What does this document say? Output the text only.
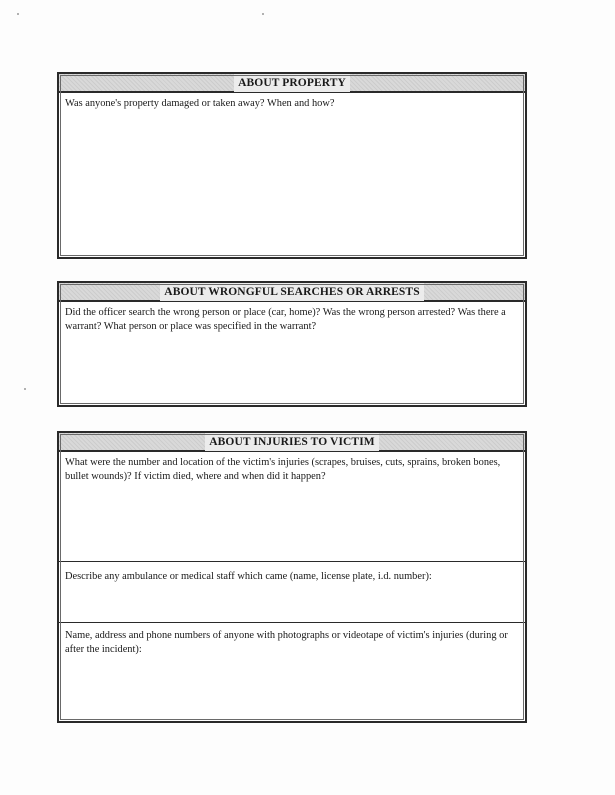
ABOUT PROPERTY

Was anyone's property damaged or taken away? When and how?

ABOUT WRONGFUL SEARCHES OR ARRESTS

Did the officer search the wrong person or place (car, home)? Was the wrong person arrested? Was there a warrant? What person or place was specified in the warrant?

ABOUT INJURIES TO VICTIM

What were the number and location of the victim's injuries (scrapes, bruises, cuts, sprains, broken bones, bullet wounds)? If victim died, where and when did it happen?

Describe any ambulance or medical staff which came (name, license plate, i.d. number):

Name, address and phone numbers of anyone with photographs or videotape of victim's injuries (during or after the incident):
